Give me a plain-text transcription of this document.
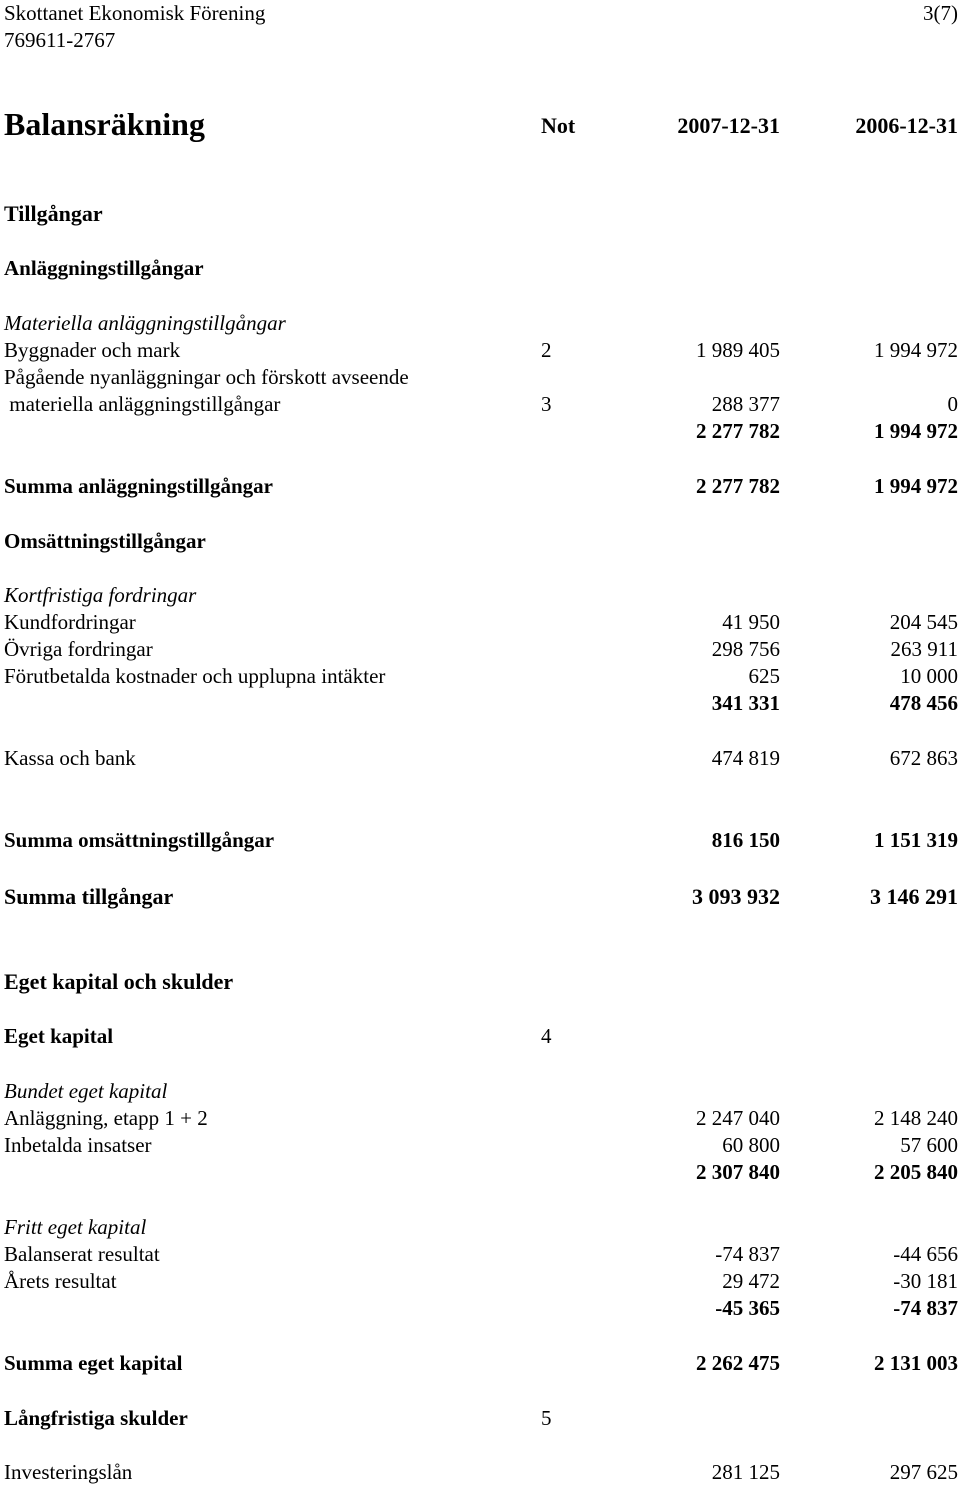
Skottanet Ekonomisk Förening
769611-2767
3(7)
Balansräkning	Not	2007-12-31	2006-12-31
Tillgångar
Anläggningstillgångar
Materiella anläggningstillgångar
Byggnader och mark	2	1 989 405	1 994 972
Pågående nyanläggningar och förskott avseende
materiella anläggningstillgångar	3	288 377	0
2 277 782	1 994 972
Summa anläggningstillgångar	2 277 782	1 994 972
Omsättningstillgångar
Kortfristiga fordringar
Kundfordringar	41 950	204 545
Övriga fordringar	298 756	263 911
Förutbetalda kostnader och upplupna intäkter	625	10 000
341 331	478 456
Kassa och bank	474 819	672 863
Summa omsättningstillgångar	816 150	1 151 319
Summa tillgångar	3 093 932	3 146 291
Eget kapital och skulder
Eget kapital	4
Bundet eget kapital
Anläggning, etapp 1 + 2	2 247 040	2 148 240
Inbetalda insatser	60 800	57 600
2 307 840	2 205 840
Fritt eget kapital
Balanserat resultat	-74 837	-44 656
Årets resultat	29 472	-30 181
-45 365	-74 837
Summa eget kapital	2 262 475	2 131 003
Långfristiga skulder	5
Investeringslån	281 125	297 625
